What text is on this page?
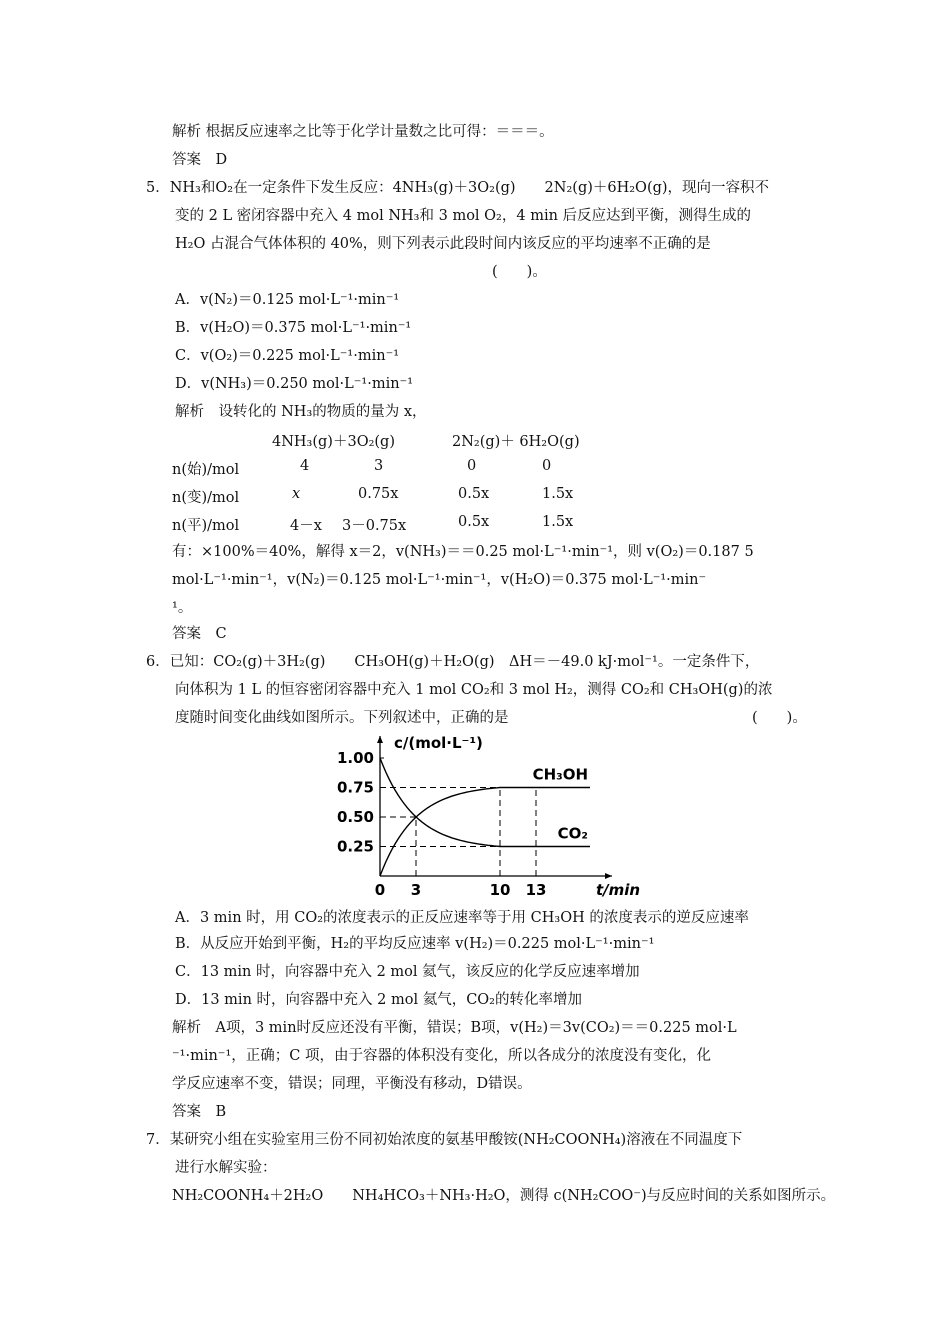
解析 根据反应速率之比等于化学计量数之比可得：＝＝＝。
答案　D
5．NH₃和O₂在一定条件下发生反应：4NH₃(g)＋3O₂(g)　　2N₂(g)＋6H₂O(g)，现向一容积不
变的 2 L 密闭容器中充入 4 mol NH₃和 3 mol O₂，4 min 后反应达到平衡，测得生成的
H₂O 占混合气体体积的 40%，则下列表示此段时间内该反应的平均速率不正确的是
(　　)。
A．v(N₂)＝0.125 mol·L⁻¹·min⁻¹
B．v(H₂O)＝0.375 mol·L⁻¹·min⁻¹
C．v(O₂)＝0.225 mol·L⁻¹·min⁻¹
D．v(NH₃)＝0.250 mol·L⁻¹·min⁻¹
解析　设转化的 NH₃的物质的量为 x，
4NH₃(g)＋3O₂(g)	2N₂(g)＋ 6H₂O(g)
n(始)/mol	4	3	0	0
n(变)/mol	x	0.75x	0.5x	1.5x
n(平)/mol	4－x 3－0.75x	0.5x	1.5x
有：×100%＝40%，解得 x＝2，v(NH₃)＝＝0.25 mol·L⁻¹·min⁻¹，则 v(O₂)＝0.187 5
mol·L⁻¹·min⁻¹，v(N₂)＝0.125 mol·L⁻¹·min⁻¹，v(H₂O)＝0.375 mol·L⁻¹·min⁻
¹。
答案　C
6．已知：CO₂(g)＋3H₂(g)　　CH₃OH(g)＋H₂O(g)　ΔH＝－49.0 kJ·mol⁻¹。一定条件下，
向体积为 1 L 的恒容密闭容器中充入 1 mol CO₂和 3 mol H₂，测得 CO₂和 CH₃OH(g)的浓
度随时间变化曲线如图所示。下列叙述中，正确的是	(　　)。
1.00
0.75
0.50
0.25
0 3	10 13
CH₃OH
CO₂
c/(mol·L⁻¹)
t/min
A．3 min 时，用 CO₂的浓度表示的正反应速率等于用 CH₃OH 的浓度表示的逆反应速率
B．从反应开始到平衡，H₂的平均反应速率 v(H₂)＝0.225 mol·L⁻¹·min⁻¹
C．13 min 时，向容器中充入 2 mol 氦气，该反应的化学反应速率增加
D．13 min 时，向容器中充入 2 mol 氦气，CO₂的转化率增加
解析　A项，3 min时反应还没有平衡，错误；B项，v(H₂)＝3v(CO₂)＝＝0.225 mol·L
⁻¹·min⁻¹，正确；C 项，由于容器的体积没有变化，所以各成分的浓度没有变化，化
学反应速率不变，错误；同理，平衡没有移动，D错误。
答案　B
7．某研究小组在实验室用三份不同初始浓度的氨基甲酸铵(NH₂COONH₄)溶液在不同温度下
进行水解实验：
NH₂COONH₄＋2H₂O　　NH₄HCO₃＋NH₃·H₂O，测得 c(NH₂COO⁻)与反应时间的关系如图所示。
